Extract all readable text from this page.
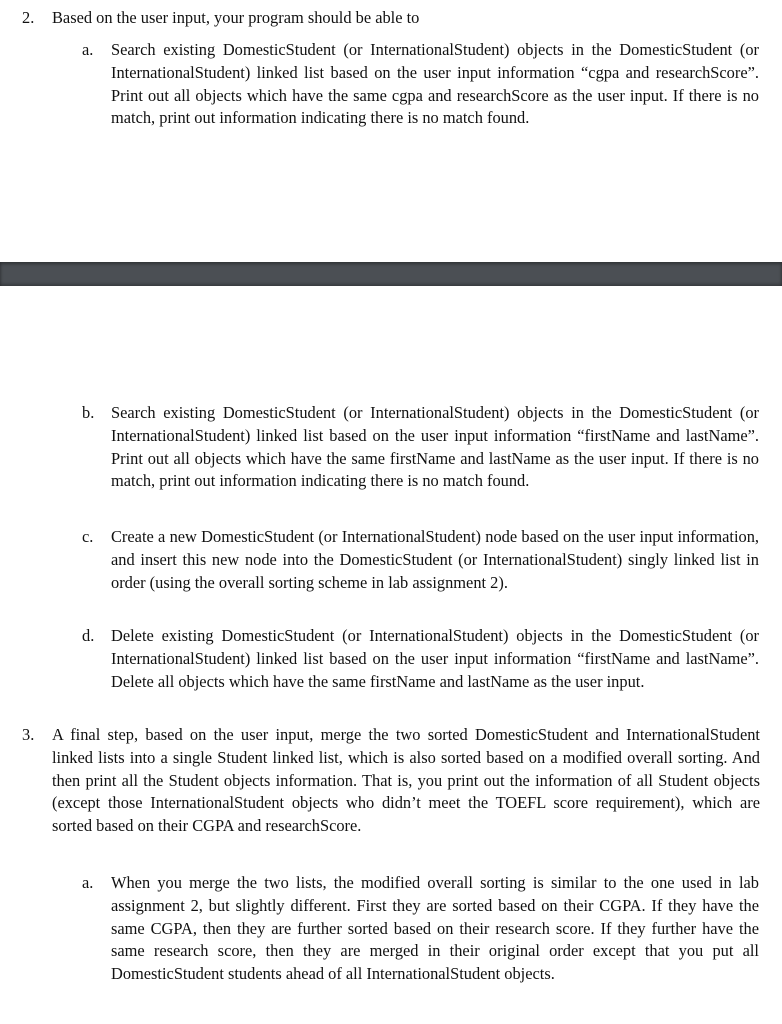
2. Based on the user input, your program should be able to

a. Search existing DomesticStudent (or InternationalStudent) objects in the DomesticStudent (or InternationalStudent) linked list based on the user input information “cgpa and researchScore”. Print out all objects which have the same cgpa and researchScore as the user input. If there is no match, print out information indicating there is no match found.

b. Search existing DomesticStudent (or InternationalStudent) objects in the DomesticStudent (or InternationalStudent) linked list based on the user input information “firstName and lastName”. Print out all objects which have the same firstName and lastName as the user input. If there is no match, print out information indicating there is no match found.

c. Create a new DomesticStudent (or InternationalStudent) node based on the user input information, and insert this new node into the DomesticStudent (or InternationalStudent) singly linked list in order (using the overall sorting scheme in lab assignment 2).

d. Delete existing DomesticStudent (or InternationalStudent) objects in the DomesticStudent (or InternationalStudent) linked list based on the user input information “firstName and lastName”. Delete all objects which have the same firstName and lastName as the user input.

3. A final step, based on the user input, merge the two sorted DomesticStudent and InternationalStudent linked lists into a single Student linked list, which is also sorted based on a modified overall sorting. And then print all the Student objects information. That is, you print out the information of all Student objects (except those InternationalStudent objects who didn’t meet the TOEFL score requirement), which are sorted based on their CGPA and researchScore.

a. When you merge the two lists, the modified overall sorting is similar to the one used in lab assignment 2, but slightly different. First they are sorted based on their CGPA. If they have the same CGPA, then they are further sorted based on their research score. If they further have the same research score, then they are merged in their original order except that you put all DomesticStudent students ahead of all InternationalStudent objects.
